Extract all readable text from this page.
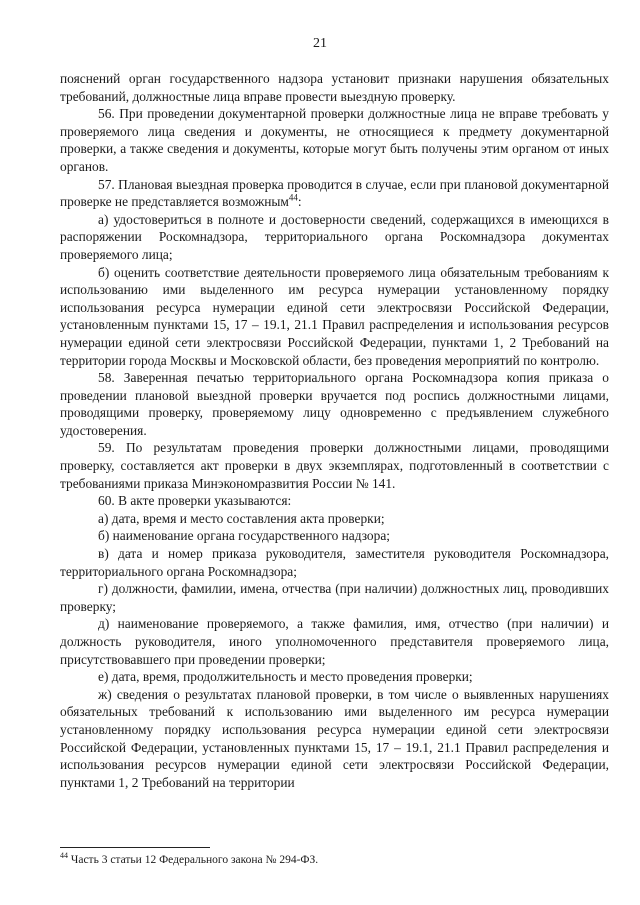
21

пояснений орган государственного надзора установит признаки нарушения обязательных требований, должностные лица вправе провести выездную проверку.

56. При проведении документарной проверки должностные лица не вправе требовать у проверяемого лица сведения и документы, не относящиеся к предмету документарной проверки, а также сведения и документы, которые могут быть получены этим органом от иных органов.

57. Плановая выездная проверка проводится в случае, если при плановой документарной проверке не представляется возможным$^{44}$:

а) удостовериться в полноте и достоверности сведений, содержащихся в имеющихся в распоряжении Роскомнадзора, территориального органа Роскомнадзора документах проверяемого лица;

б) оценить соответствие деятельности проверяемого лица обязательным требованиям к использованию ими выделенного им ресурса нумерации установленному порядку использования ресурса нумерации единой сети электросвязи Российской Федерации, установленным пунктами 15, 17 – 19.1, 21.1 Правил распределения и использования ресурсов нумерации единой сети электросвязи Российской Федерации, пунктами 1, 2 Требований на территории города Москвы и Московской области, без проведения мероприятий по контролю.

58. Заверенная печатью территориального органа Роскомнадзора копия приказа о проведении плановой выездной проверки вручается под роспись должностными лицами, проводящими проверку, проверяемому лицу одновременно с предъявлением служебного удостоверения.

59. По результатам проведения проверки должностными лицами, проводящими проверку, составляется акт проверки в двух экземплярах, подготовленный в соответствии с требованиями приказа Минэкономразвития России № 141.

60. В акте проверки указываются:

а) дата, время и место составления акта проверки;

б) наименование органа государственного надзора;

в) дата и номер приказа руководителя, заместителя руководителя Роскомнадзора, территориального органа Роскомнадзора;

г) должности, фамилии, имена, отчества (при наличии) должностных лиц, проводивших проверку;

д) наименование проверяемого, а также фамилия, имя, отчество (при наличии) и должность руководителя, иного уполномоченного представителя проверяемого лица, присутствовавшего при проведении проверки;

е) дата, время, продолжительность и место проведения проверки;

ж) сведения о результатах плановой проверки, в том числе о выявленных нарушениях обязательных требований к использованию ими выделенного им ресурса нумерации установленному порядку использования ресурса нумерации единой сети электросвязи Российской Федерации, установленных пунктами 15, 17 – 19.1, 21.1 Правил распределения и использования ресурсов нумерации единой сети электросвязи Российской Федерации, пунктами 1, 2 Требований на территории

$^{44}$ Часть 3 статьи 12 Федерального закона № 294-ФЗ.
